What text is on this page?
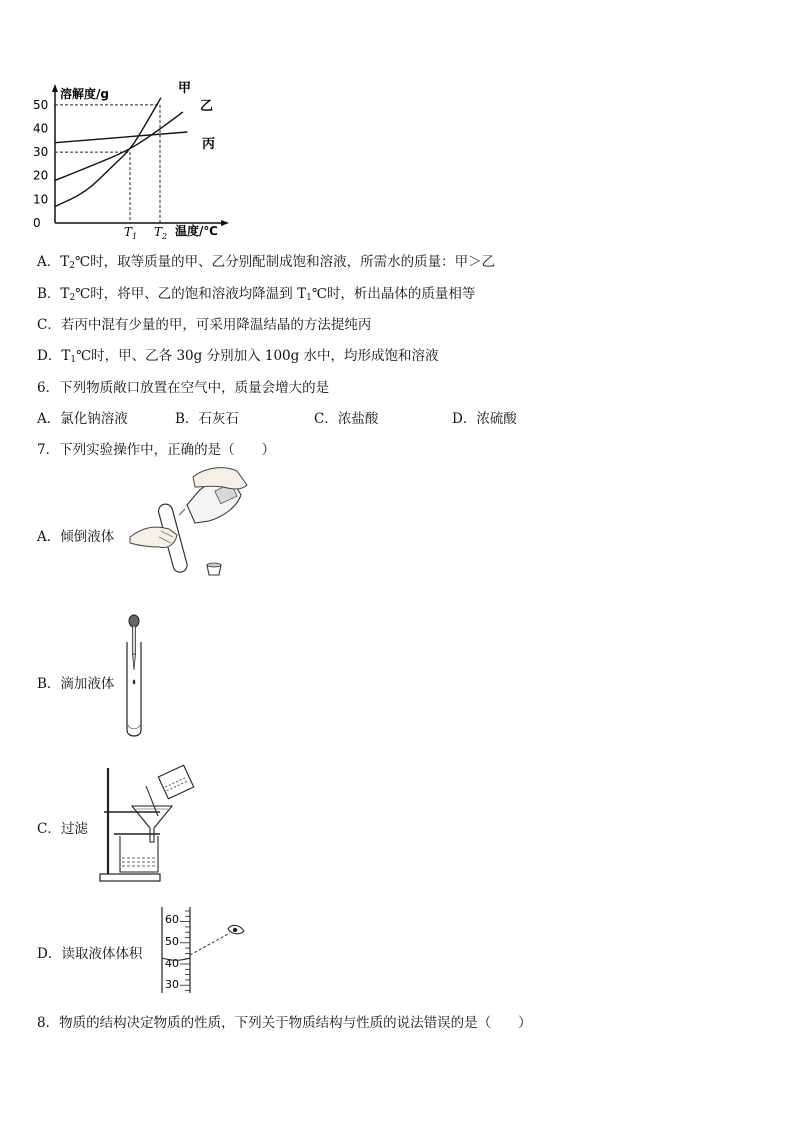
溶解度/g
温度/℃
0
10
20
30
40
50
甲
乙
丙
$T_1$ $T_2$
A．$T_2℃$时，取等质量的甲、乙分别配制成饱和溶液，所需水的质量：甲＞乙
B．$T_2℃$时，将甲、乙的饱和溶液均降温到 $T_1℃$时，析出晶体的质量相等
C．若丙中混有少量的甲，可采用降温结晶的方法提纯丙
D．$T_1℃$时，甲、乙各 30g 分别加入 100g 水中，均形成饱和溶液
6．下列物质敞口放置在空气中，质量会增大的是
A．氯化钠溶液	B．石灰石	C．浓盐酸	D．浓硫酸
7．下列实验操作中，正确的是（　　）
A．倾倒液体
B．滴加液体
C．过滤
D．读取液体体积
60
50
40
30
8．物质的结构决定物质的性质，下列关于物质结构与性质的说法错误的是（　　）
